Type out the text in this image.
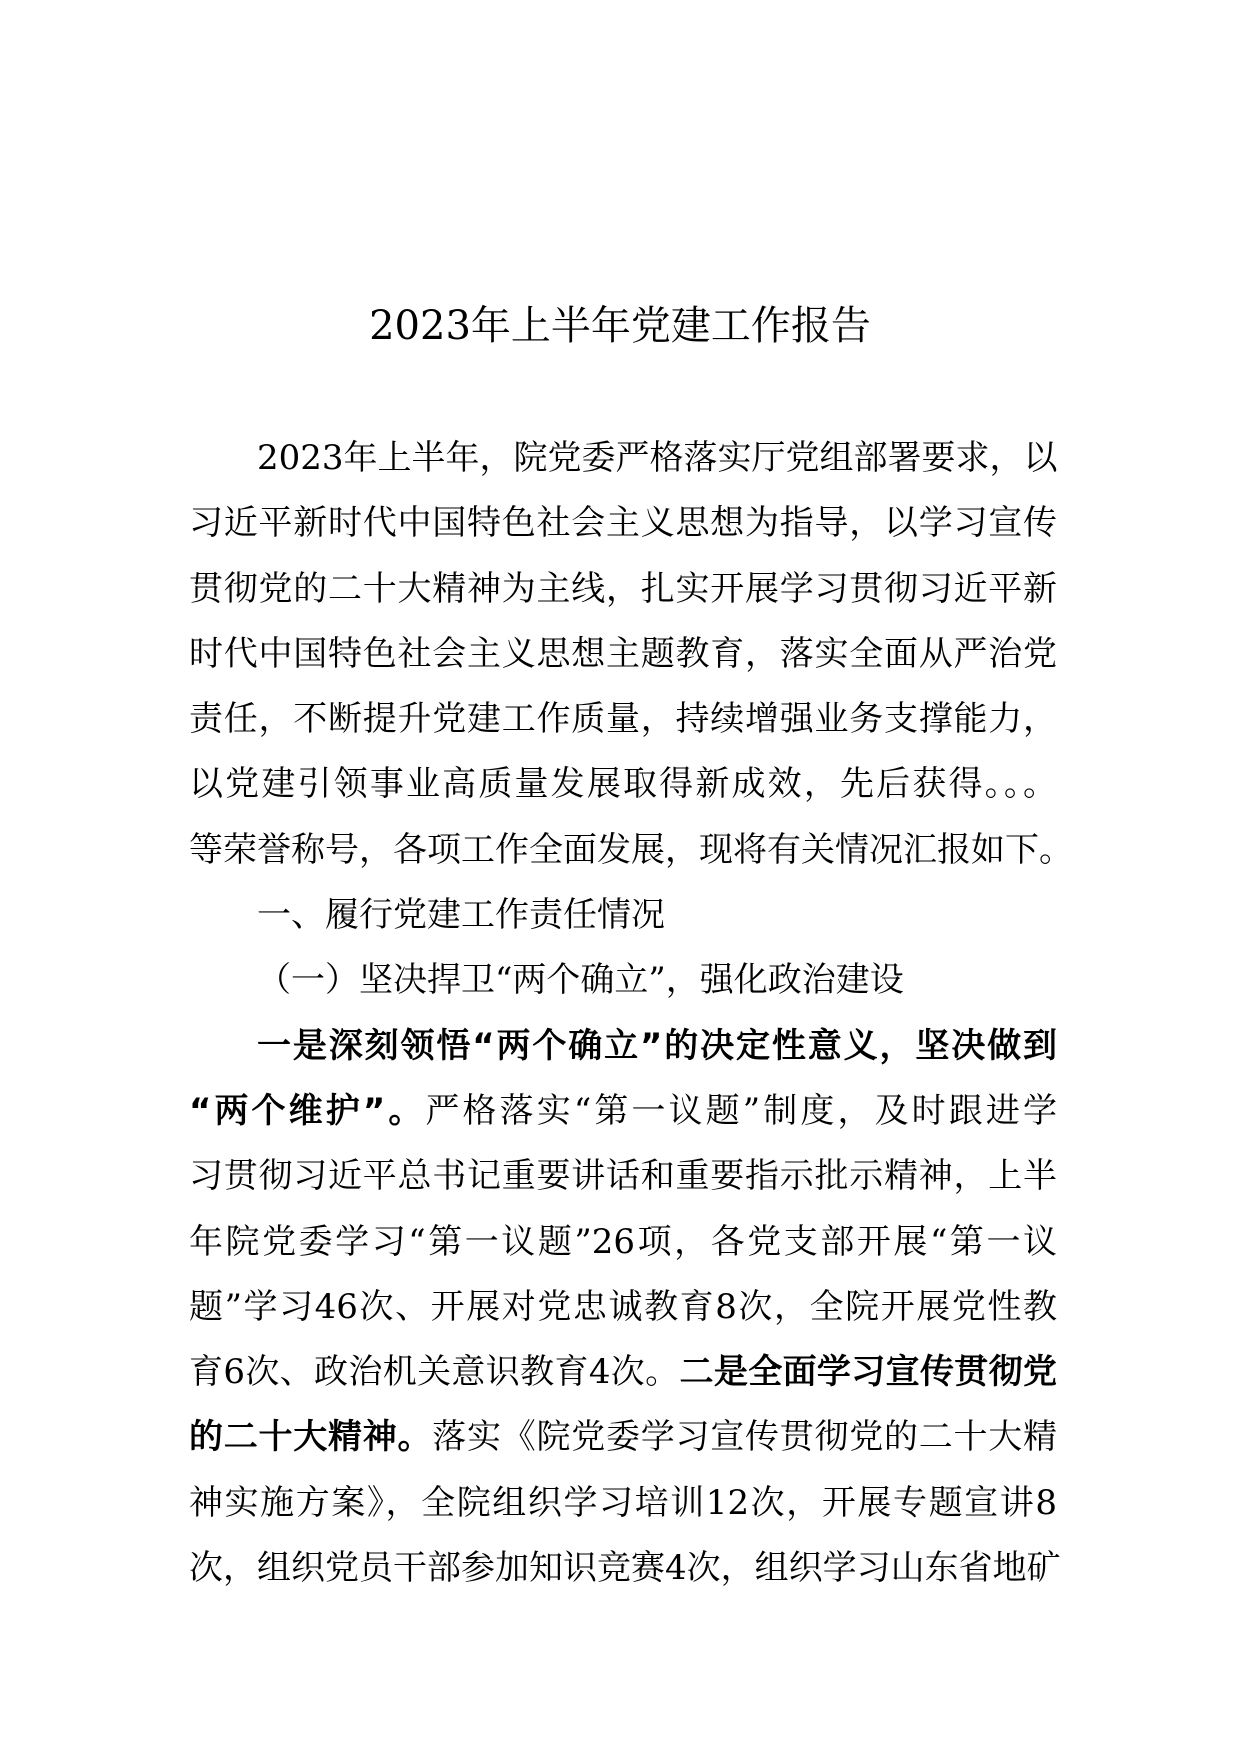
2023年上半年党建工作报告
2023年上半年，院党委严格落实厅党组部署要求，以
习近平新时代中国特色社会主义思想为指导，以学习宣传
贯彻党的二十大精神为主线，扎实开展学习贯彻习近平新
时代中国特色社会主义思想主题教育，落实全面从严治党
责任，不断提升党建工作质量，持续增强业务支撑能力，
以党建引领事业高质量发展取得新成效，先后获得。。。
等荣誉称号，各项工作全面发展，现将有关情况汇报如下。
一、履行党建工作责任情况
（一）坚决捍卫“两个确立”，强化政治建设
一是深刻领悟“两个确立”的决定性意义，坚决做到
“两个维护”。严格落实“第一议题”制度，及时跟进学
习贯彻习近平总书记重要讲话和重要指示批示精神，上半
年院党委学习“第一议题”26项，各党支部开展“第一议
题”学习46次、开展对党忠诚教育8次，全院开展党性教
育6次、政治机关意识教育4次。二是全面学习宣传贯彻党
的二十大精神。落实《院党委学习宣传贯彻党的二十大精
神实施方案》，全院组织学习培训12次，开展专题宣讲8
次，组织党员干部参加知识竞赛4次，组织学习山东省地矿
